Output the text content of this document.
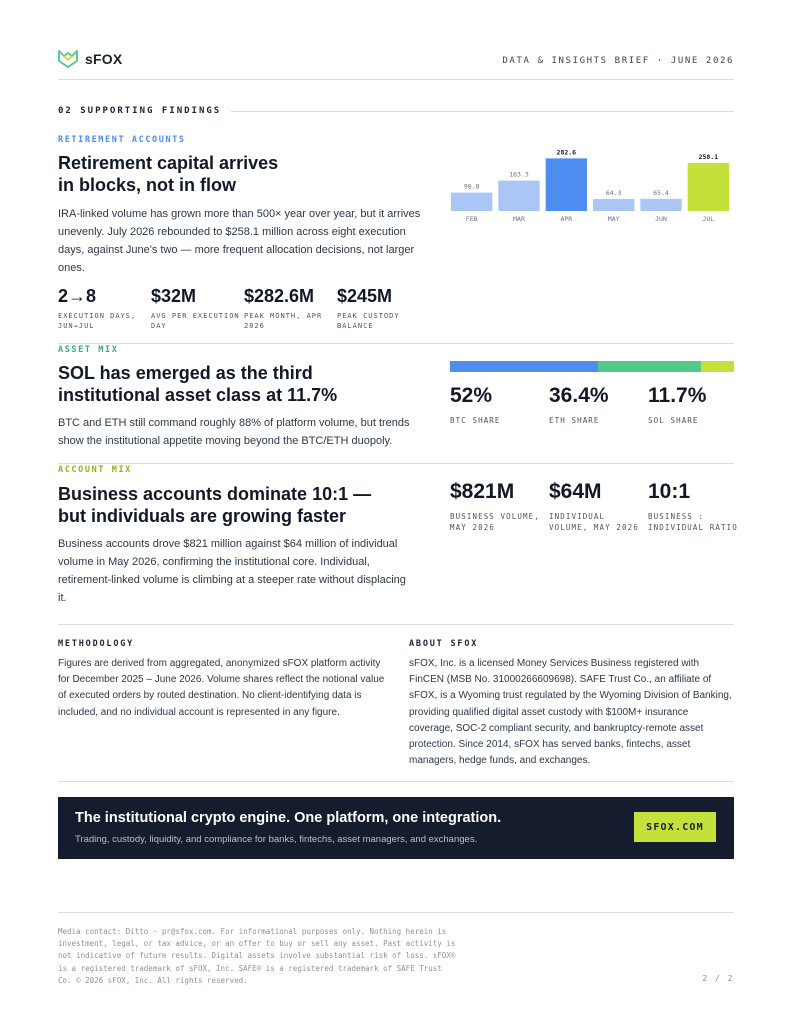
sFOX	DATA & INSIGHTS BRIEF · JUNE 2026
02 SUPPORTING FINDINGS
RETIREMENT ACCOUNTS
Retirement capital arrives
in blocks, not in flow
IRA-linked volume has grown more than 500× year over year, but it arrives unevenly. July 2026 rebounded to $258.1 million across eight execution days, against June's two — more frequent allocation decisions, not larger ones.
2→8
EXECUTION DAYS,
JUN→JUL
$32M
AVG PER EXECUTION
DAY
$282.6M
PEAK MONTH, APR
2026
$245M
PEAK CUSTODY
BALANCE
98.8
FEB
163.3
MAR
282.6
APR
64.3
MAY
65.4
JUN
258.1
JUL
ASSET MIX
SOL has emerged as the third
institutional asset class at 11.7%
BTC and ETH still command roughly 88% of platform volume, but trends show the institutional appetite moving beyond the BTC/ETH duopoly.
52%
BTC SHARE
36.4%
ETH SHARE
11.7%
SOL SHARE
ACCOUNT MIX
Business accounts dominate 10:1 —
but individuals are growing faster
Business accounts drove $821 million against $64 million of individual volume in May 2026, confirming the institutional core. Individual, retirement-linked volume is climbing at a steeper rate without displacing it.
$821M
BUSINESS VOLUME,
MAY 2026
$64M
INDIVIDUAL
VOLUME, MAY 2026
10:1
BUSINESS :
INDIVIDUAL RATIO
METHODOLOGY
Figures are derived from aggregated, anonymized sFOX platform activity for December 2025 – June 2026. Volume shares reflect the notional value of executed orders by routed destination. No client-identifying data is included, and no individual account is represented in any figure.
ABOUT SFOX
sFOX, Inc. is a licensed Money Services Business registered with FinCEN (MSB No. 31000266609698). SAFE Trust Co., an affiliate of sFOX, is a Wyoming trust regulated by the Wyoming Division of Banking, providing qualified digital asset custody with $100M+ insurance coverage, SOC-2 compliant security, and bankruptcy-remote asset protection. Since 2014, sFOX has served banks, fintechs, asset managers, hedge funds, and exchanges.
The institutional crypto engine. One platform, one integration.
Trading, custody, liquidity, and compliance for banks, fintechs, asset managers, and exchanges.
SFOX.COM
Media contact: Ditto · pr@sfox.com. For informational purposes only. Nothing herein is investment, legal, or tax advice, or an offer to buy or sell any asset. Past activity is not indicative of future results. Digital assets involve substantial risk of loss. sFOX® is a registered trademark of sFOX, Inc. SAFE® is a registered trademark of SAFE Trust Co. © 2026 sFOX, Inc. All rights reserved.	2 / 2
